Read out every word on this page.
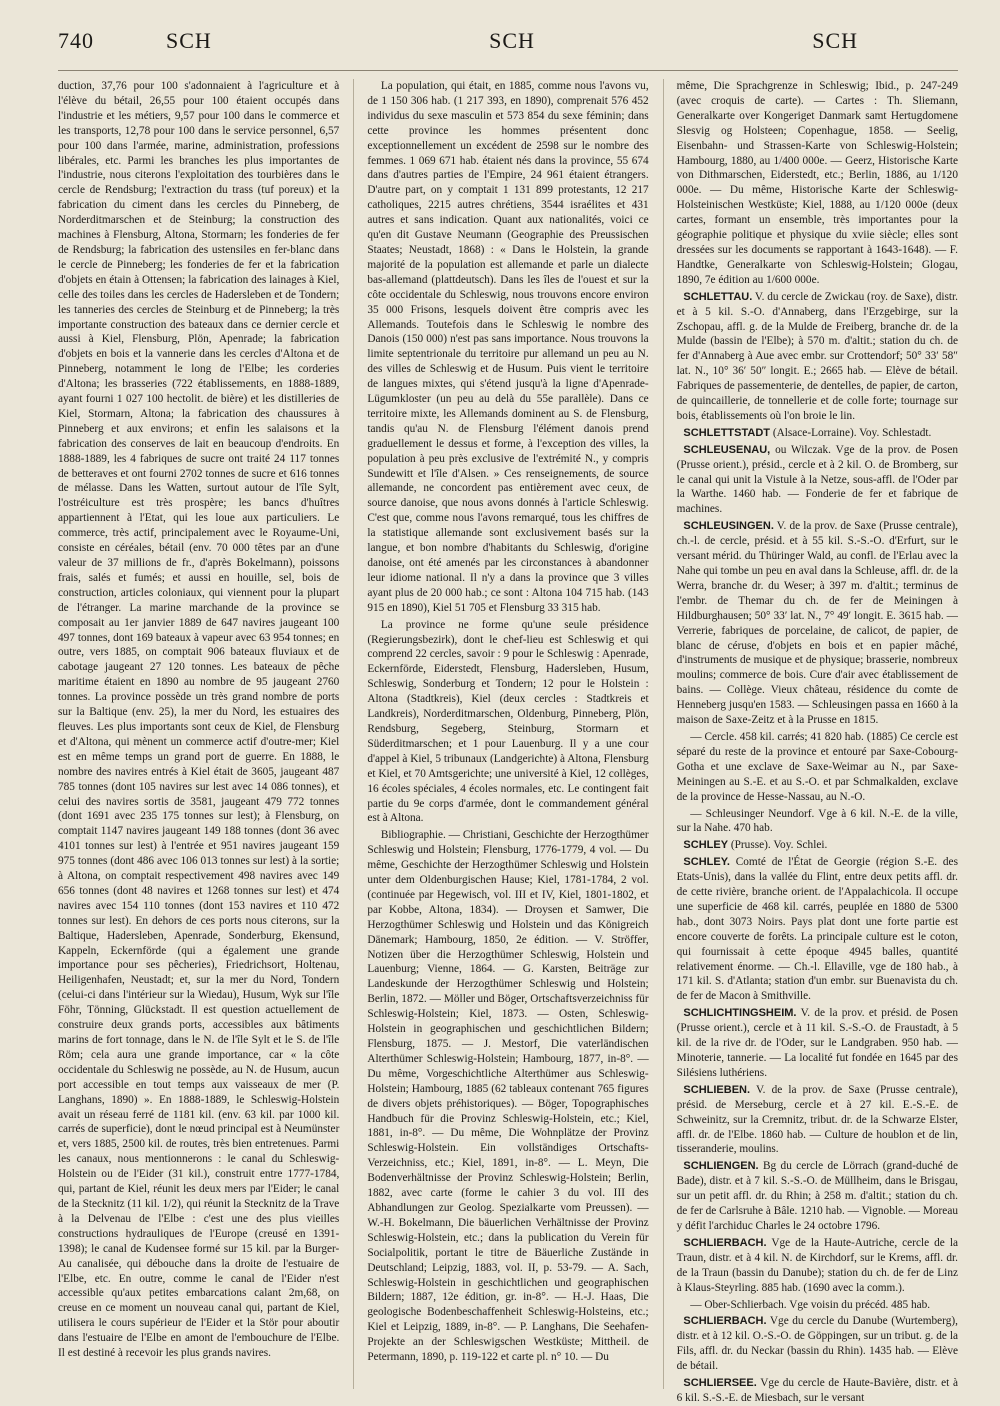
740	SCH	SCH	SCH

duction, 37,76 pour 100 s'adonnaient à l'agriculture et à l'élève du bétail, 26,55 pour 100 étaient occupés dans l'industrie et les métiers, 9,57 pour 100 dans le commerce et les transports, 12,78 pour 100 dans le service personnel, 6,57 pour 100 dans l'armée, marine, administration, professions libérales, etc. Parmi les branches les plus importantes de l'industrie, nous citerons l'exploitation des tourbières dans le cercle de Rendsburg; l'extraction du trass (tuf poreux) et la fabrication du ciment dans les cercles du Pinneberg, de Norderditmarschen et de Steinburg; la construction des machines à Flensburg, Altona, Stormarn; les fonderies de fer de Rendsburg; la fabrication des ustensiles en fer-blanc dans le cercle de Pinneberg; les fonderies de fer et la fabrication d'objets en étain à Ottensen; la fabrication des lainages à Kiel, celle des toiles dans les cercles de Hadersleben et de Tondern; les tanneries des cercles de Steinburg et de Pinneberg; la très importante construction des bateaux dans ce dernier cercle et aussi à Kiel, Flensburg, Plön, Apenrade; la fabrication d'objets en bois et la vannerie dans les cercles d'Altona et de Pinneberg, notamment le long de l'Elbe; les corderies d'Altona; les brasseries (722 établissements, en 1888-1889, ayant fourni 1 027 100 hectolit. de bière) et les distilleries de Kiel, Stormarn, Altona; la fabrication des chaussures à Pinneberg et aux environs; et enfin les salaisons et la fabrication des conserves de lait en beaucoup d'endroits. En 1888-1889, les 4 fabriques de sucre ont traité 24 117 tonnes de betteraves et ont fourni 2702 tonnes de sucre et 616 tonnes de mélasse. Dans les Watten, surtout autour de l'île Sylt, l'ostréiculture est très prospère; les bancs d'huîtres appartiennent à l'Etat, qui les loue aux particuliers. Le commerce, très actif, principalement avec le Royaume-Uni, consiste en céréales, bétail (env. 70 000 têtes par an d'une valeur de 37 millions de fr., d'après Bokelmann), poissons frais, salés et fumés; et aussi en houille, sel, bois de construction, articles coloniaux, qui viennent pour la plupart de l'étranger. La marine marchande de la province se composait au 1er janvier 1889 de 647 navires jaugeant 100 497 tonnes, dont 169 bateaux à vapeur avec 63 954 tonnes; en outre, vers 1885, on comptait 906 bateaux fluviaux et de cabotage jaugeant 27 120 tonnes. Les bateaux de pêche maritime étaient en 1890 au nombre de 95 jaugeant 2760 tonnes. La province possède un très grand nombre de ports sur la Baltique (env. 25), la mer du Nord, les estuaires des fleuves. Les plus importants sont ceux de Kiel, de Flensburg et d'Altona, qui mènent un commerce actif d'outre-mer; Kiel est en même temps un grand port de guerre. En 1888, le nombre des navires entrés à Kiel était de 3605, jaugeant 487 785 tonnes (dont 105 navires sur lest avec 14 086 tonnes), et celui des navires sortis de 3581, jaugeant 479 772 tonnes (dont 1691 avec 235 175 tonnes sur lest); à Flensburg, on comptait 1147 navires jaugeant 149 188 tonnes (dont 36 avec 4101 tonnes sur lest) à l'entrée et 951 navires jaugeant 159 975 tonnes (dont 486 avec 106 013 tonnes sur lest) à la sortie; à Altona, on comptait respectivement 498 navires avec 149 656 tonnes (dont 48 navires et 1268 tonnes sur lest) et 474 navires avec 154 110 tonnes (dont 153 navires et 110 472 tonnes sur lest). En dehors de ces ports nous citerons, sur la Baltique, Hadersleben, Apenrade, Sonderburg, Ekensund, Kappeln, Eckernförde (qui a également une grande importance pour ses pêcheries), Friedrichsort, Holtenau, Heiligenhafen, Neustadt; et, sur la mer du Nord, Tondern (celui-ci dans l'intérieur sur la Wiedau), Husum, Wyk sur l'île Föhr, Tönning, Glückstadt. Il est question actuellement de construire deux grands ports, accessibles aux bâtiments marins de fort tonnage, dans le N. de l'île Sylt et le S. de l'île Röm; cela aura une grande importance, car « la côte occidentale du Schleswig ne possède, au N. de Husum, aucun port accessible en tout temps aux vaisseaux de mer (P. Langhans, 1890) ». En 1888-1889, le Schleswig-Holstein avait un réseau ferré de 1181 kil. (env. 63 kil. par 1000 kil. carrés de superficie), dont le nœud principal est à Neumünster et, vers 1885, 2500 kil. de routes, très bien entretenues. Parmi les canaux, nous mentionnerons : le canal du Schleswig-Holstein ou de l'Eider (31 kil.), construit entre 1777-1784, qui, partant de Kiel, réunit les deux mers par l'Eider; le canal de la Stecknitz (11 kil. 1/2), qui réunit la Stecknitz de la Trave à la Delvenau de l'Elbe : c'est une des plus vieilles constructions hydrauliques de l'Europe (creusé en 1391-1398); le canal de Kudensee formé sur 15 kil. par la Burger-Au canalisée, qui débouche dans la droite de l'estuaire de l'Elbe, etc. En outre, comme le canal de l'Eider n'est accessible qu'aux petites embarcations calant 2m,68, on creuse en ce moment un nouveau canal qui, partant de Kiel, utilisera le cours supérieur de l'Eider et la Stör pour aboutir dans l'estuaire de l'Elbe en amont de l'embouchure de l'Elbe. Il est destiné à recevoir les plus grands navires.

La population, qui était, en 1885, comme nous l'avons vu, de 1 150 306 hab. (1 217 393, en 1890), comprenait 576 452 individus du sexe masculin et 573 854 du sexe féminin; dans cette province les hommes présentent donc exceptionnellement un excédent de 2598 sur le nombre des femmes. 1 069 671 hab. étaient nés dans la province, 55 674 dans d'autres parties de l'Empire, 24 961 étaient étrangers. D'autre part, on y comptait 1 131 899 protestants, 12 217 catholiques, 2215 autres chrétiens, 3544 israélites et 431 autres et sans indication. Quant aux nationalités, voici ce qu'en dit Gustave Neumann (Geographie des Preussischen Staates; Neustadt, 1868) : « Dans le Holstein, la grande majorité de la population est allemande et parle un dialecte bas-allemand (plattdeutsch). Dans les îles de l'ouest et sur la côte occidentale du Schleswig, nous trouvons encore environ 35 000 Frisons, lesquels doivent être compris avec les Allemands. Toutefois dans le Schleswig le nombre des Danois (150 000) n'est pas sans importance. Nous trouvons la limite septentrionale du territoire pur allemand un peu au N. des villes de Schleswig et de Husum. Puis vient le territoire de langues mixtes, qui s'étend jusqu'à la ligne d'Apenrade-Lügumkloster (un peu au delà du 55e parallèle). Dans ce territoire mixte, les Allemands dominent au S. de Flensburg, tandis qu'au N. de Flensburg l'élément danois prend graduellement le dessus et forme, à l'exception des villes, la population à peu près exclusive de l'extrémité N., y compris Sundewitt et l'île d'Alsen. » Ces renseignements, de source allemande, ne concordent pas entièrement avec ceux, de source danoise, que nous avons donnés à l'article Schleswig. C'est que, comme nous l'avons remarqué, tous les chiffres de la statistique allemande sont exclusivement basés sur la langue, et bon nombre d'habitants du Schleswig, d'origine danoise, ont été amenés par les circonstances à abandonner leur idiome national. Il n'y a dans la province que 3 villes ayant plus de 20 000 hab.; ce sont : Altona 104 715 hab. (143 915 en 1890), Kiel 51 705 et Flensburg 33 315 hab.

La province ne forme qu'une seule présidence (Regierungsbezirk), dont le chef-lieu est Schleswig et qui comprend 22 cercles, savoir : 9 pour le Schleswig : Apenrade, Eckernförde, Eiderstedt, Flensburg, Hadersleben, Husum, Schleswig, Sonderburg et Tondern; 12 pour le Holstein : Altona (Stadtkreis), Kiel (deux cercles : Stadtkreis et Landkreis), Norderditmarschen, Oldenburg, Pinneberg, Plön, Rendsburg, Segeberg, Steinburg, Stormarn et Süderditmarschen; et 1 pour Lauenburg. Il y a une cour d'appel à Kiel, 5 tribunaux (Landgerichte) à Altona, Flensburg et Kiel, et 70 Amtsgerichte; une université à Kiel, 12 collèges, 16 écoles spéciales, 4 écoles normales, etc. Le contingent fait partie du 9e corps d'armée, dont le commandement général est à Altona.

Bibliographie. — Christiani, Geschichte der Herzogthümer Schleswig und Holstein; Flensburg, 1776-1779, 4 vol. — Du même, Geschichte der Herzogthümer Schleswig und Holstein unter dem Oldenburgischen Hause; Kiel, 1781-1784, 2 vol. (continuée par Hegewisch, vol. III et IV, Kiel, 1801-1802, et par Kobbe, Altona, 1834). — Droysen et Samwer, Die Herzogthümer Schleswig und Holstein und das Königreich Dänemark; Hambourg, 1850, 2e édition. — V. Ströffer, Notizen über die Herzogthümer Schleswig, Holstein und Lauenburg; Vienne, 1864. — G. Karsten, Beiträge zur Landeskunde der Herzogthümer Schleswig und Holstein; Berlin, 1872. — Möller und Böger, Ortschaftsverzeichniss für Schleswig-Holstein; Kiel, 1873. — Osten, Schleswig-Holstein in geographischen und geschichtlichen Bildern; Flensburg, 1875. — J. Mestorf, Die vaterländischen Alterthümer Schleswig-Holstein; Hambourg, 1877, in-8°. — Du même, Vorgeschichtliche Alterthümer aus Schleswig-Holstein; Hambourg, 1885 (62 tableaux contenant 765 figures de divers objets préhistoriques). — Böger, Topographisches Handbuch für die Provinz Schleswig-Holstein, etc.; Kiel, 1881, in-8°. — Du même, Die Wohnplätze der Provinz Schleswig-Holstein. Ein vollständiges Ortschafts-Verzeichniss, etc.; Kiel, 1891, in-8°. — L. Meyn, Die Bodenverhältnisse der Provinz Schleswig-Holstein; Berlin, 1882, avec carte (forme le cahier 3 du vol. III des Abhandlungen zur Geolog. Spezialkarte vom Preussen). — W.-H. Bokelmann, Die bäuerlichen Verhältnisse der Provinz Schleswig-Holstein, etc.; dans la publication du Verein für Socialpolitik, portant le titre de Bäuerliche Zustände in Deutschland; Leipzig, 1883, vol. II, p. 53-79. — A. Sach, Schleswig-Holstein in geschichtlichen und geographischen Bildern; 1887, 12e édition, gr. in-8°. — H.-J. Haas, Die geologische Bodenbeschaffenheit Schleswig-Holsteins, etc.; Kiel et Leipzig, 1889, in-8°. — P. Langhans, Die Seehafen-Projekte an der Schleswigschen Westküste; Mittheil. de Petermann, 1890, p. 119-122 et carte pl. n° 10. — Du

même, Die Sprachgrenze in Schleswig; Ibid., p. 247-249 (avec croquis de carte). — Cartes : Th. Sliemann, Generalkarte over Kongeriget Danmark samt Hertugdomene Slesvig og Holsteen; Copenhague, 1858. — Seelig, Eisenbahn- und Strassen-Karte von Schleswig-Holstein; Hambourg, 1880, au 1/400 000e. — Geerz, Historische Karte von Dithmarschen, Eiderstedt, etc.; Berlin, 1886, au 1/120 000e. — Du même, Historische Karte der Schleswig-Holsteinischen Westküste; Kiel, 1888, au 1/120 000e (deux cartes, formant un ensemble, très importantes pour la géographie politique et physique du xviie siècle; elles sont dressées sur les documents se rapportant à 1643-1648). — F. Handtke, Generalkarte von Schleswig-Holstein; Glogau, 1890, 7e édition au 1/600 000e.

SCHLETTAU. V. du cercle de Zwickau (roy. de Saxe), distr. et à 5 kil. S.-O. d'Annaberg, dans l'Erzgebirge, sur la Zschopau, affl. g. de la Mulde de Freiberg, branche dr. de la Mulde (bassin de l'Elbe); à 570 m. d'altit.; station du ch. de fer d'Annaberg à Aue avec embr. sur Crottendorf; 50° 33′ 58″ lat. N., 10° 36′ 50″ longit. E.; 2665 hab. — Elève de bétail. Fabriques de passementerie, de dentelles, de papier, de carton, de quincaillerie, de tonnellerie et de colle forte; tournage sur bois, établissements où l'on broie le lin.

SCHLETTSTADT (Alsace-Lorraine). Voy. Schlestadt.

SCHLEUSENAU, ou Wilczak. Vge de la prov. de Posen (Prusse orient.), présid., cercle et à 2 kil. O. de Bromberg, sur le canal qui unit la Vistule à la Netze, sous-affl. de l'Oder par la Warthe. 1460 hab. — Fonderie de fer et fabrique de machines.

SCHLEUSINGEN. V. de la prov. de Saxe (Prusse centrale), ch.-l. de cercle, présid. et à 55 kil. S.-S.-O. d'Erfurt, sur le versant mérid. du Thüringer Wald, au confl. de l'Erlau avec la Nahe qui tombe un peu en aval dans la Schleuse, affl. dr. de la Werra, branche dr. du Weser; à 397 m. d'altit.; terminus de l'embr. de Themar du ch. de fer de Meiningen à Hildburghausen; 50° 33′ lat. N., 7° 49′ longit. E. 3615 hab. — Verrerie, fabriques de porcelaine, de calicot, de papier, de blanc de céruse, d'objets en bois et en papier mâché, d'instruments de musique et de physique; brasserie, nombreux moulins; commerce de bois. Cure d'air avec établissement de bains. — Collège. Vieux château, résidence du comte de Henneberg jusqu'en 1583. — Schleusingen passa en 1660 à la maison de Saxe-Zeitz et à la Prusse en 1815.

— Cercle. 458 kil. carrés; 41 820 hab. (1885) Ce cercle est séparé du reste de la province et entouré par Saxe-Cobourg-Gotha et une exclave de Saxe-Weimar au N., par Saxe-Meiningen au S.-E. et au S.-O. et par Schmalkalden, exclave de la province de Hesse-Nassau, au N.-O.

— Schleusinger Neundorf. Vge à 6 kil. N.-E. de la ville, sur la Nahe. 470 hab.

SCHLEY (Prusse). Voy. Schlei.

SCHLEY. Comté de l'État de Georgie (région S.-E. des Etats-Unis), dans la vallée du Flint, entre deux petits affl. dr. de cette rivière, branche orient. de l'Appalachicola. Il occupe une superficie de 468 kil. carrés, peuplée en 1880 de 5300 hab., dont 3073 Noirs. Pays plat dont une forte partie est encore couverte de forêts. La principale culture est le coton, qui fournissait à cette époque 4945 balles, quantité relativement énorme. — Ch.-l. Ellaville, vge de 180 hab., à 171 kil. S. d'Atlanta; station d'un embr. sur Buenavista du ch. de fer de Macon à Smithville.

SCHLICHTINGSHEIM. V. de la prov. et présid. de Posen (Prusse orient.), cercle et à 11 kil. S.-S.-O. de Fraustadt, à 5 kil. de la rive dr. de l'Oder, sur le Landgraben. 950 hab. — Minoterie, tannerie. — La localité fut fondée en 1645 par des Silésiens luthériens.

SCHLIEBEN. V. de la prov. de Saxe (Prusse centrale), présid. de Merseburg, cercle et à 27 kil. E.-S.-E. de Schweinitz, sur la Cremnitz, tribut. dr. de la Schwarze Elster, affl. dr. de l'Elbe. 1860 hab. — Culture de houblon et de lin, tisseranderie, moulins.

SCHLIENGEN. Bg du cercle de Lörrach (grand-duché de Bade), distr. et à 7 kil. S.-S.-O. de Müllheim, dans le Brisgau, sur un petit affl. dr. du Rhin; à 258 m. d'altit.; station du ch. de fer de Carlsruhe à Bâle. 1210 hab. — Vignoble. — Moreau y défit l'archiduc Charles le 24 octobre 1796.

SCHLIERBACH. Vge de la Haute-Autriche, cercle de la Traun, distr. et à 4 kil. N. de Kirchdorf, sur le Krems, affl. dr. de la Traun (bassin du Danube); station du ch. de fer de Linz à Klaus-Steyrling. 885 hab. (1690 avec la comm.).

— Ober-Schlierbach. Vge voisin du précéd. 485 hab.

SCHLIERBACH. Vge du cercle du Danube (Wurtemberg), distr. et à 12 kil. O.-S.-O. de Göppingen, sur un tribut. g. de la Fils, affl. dr. du Neckar (bassin du Rhin). 1435 hab. — Elève de bétail.

SCHLIERSEE. Vge du cercle de Haute-Bavière, distr. et à 6 kil. S.-S.-E. de Miesbach, sur le versant
